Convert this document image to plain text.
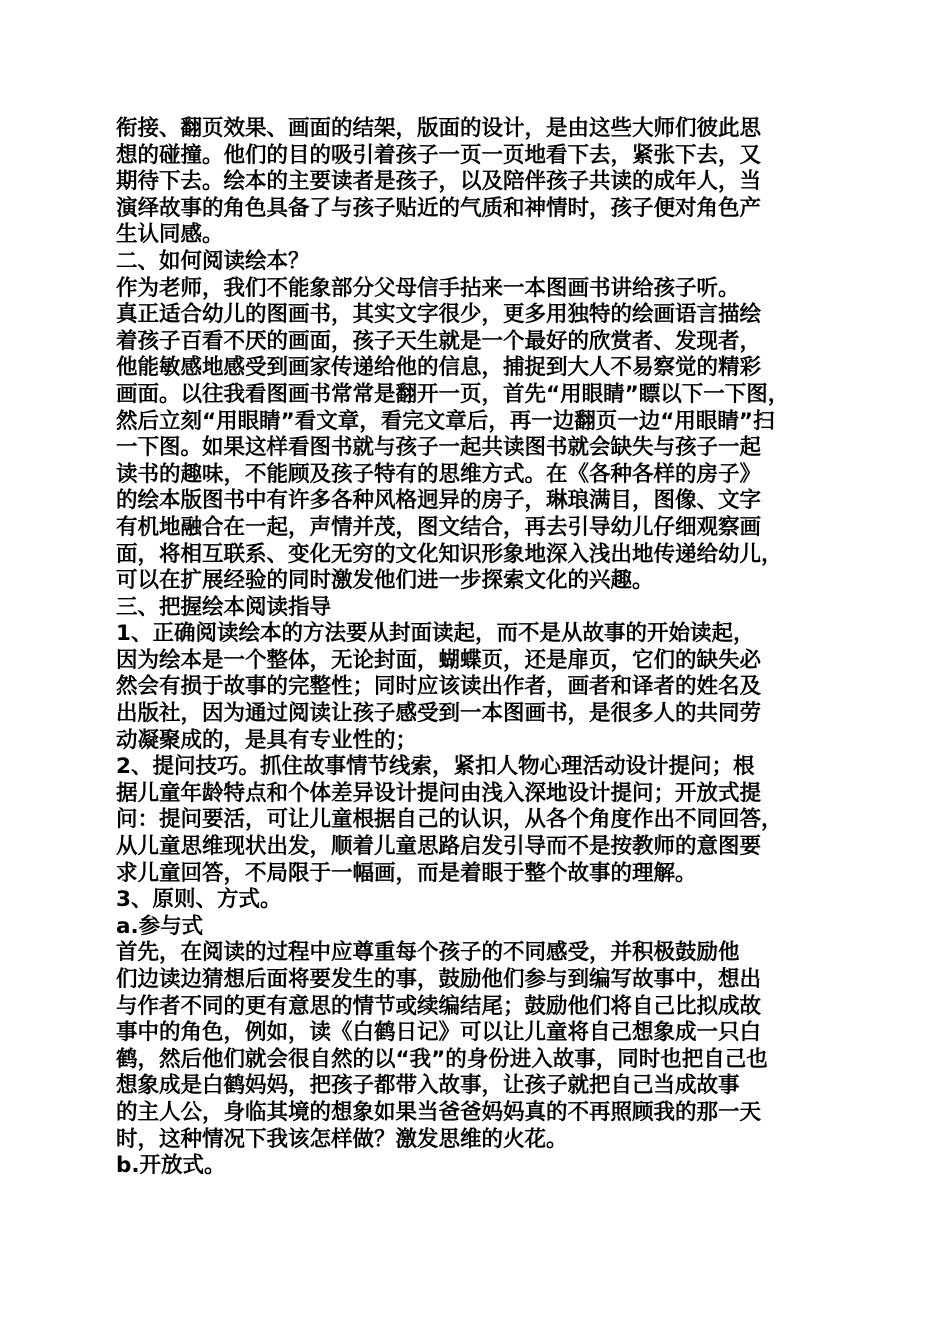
衔接、翻页效果、画面的结架，版面的设计，是由这些大师们彼此思
想的碰撞。他们的目的吸引着孩子一页一页地看下去，紧张下去，又
期待下去。绘本的主要读者是孩子，以及陪伴孩子共读的成年人，当
演绎故事的角色具备了与孩子贴近的气质和神情时，孩子便对角色产
生认同感。
二、如何阅读绘本？
作为老师，我们不能象部分父母信手拈来一本图画书讲给孩子听。
真正适合幼儿的图画书，其实文字很少，更多用独特的绘画语言描绘
着孩子百看不厌的画面，孩子天生就是一个最好的欣赏者、发现者，
他能敏感地感受到画家传递给他的信息，捕捉到大人不易察觉的精彩
画面。以往我看图画书常常是翻开一页，首先“用眼睛”瞟以下一下图，
然后立刻“用眼睛”看文章，看完文章后，再一边翻页一边“用眼睛”扫
一下图。如果这样看图书就与孩子一起共读图书就会缺失与孩子一起
读书的趣味，不能顾及孩子特有的思维方式。在《各种各样的房子》
的绘本版图书中有许多各种风格迥异的房子，琳琅满目，图像、文字
有机地融合在一起，声情并茂，图文结合，再去引导幼儿仔细观察画
面，将相互联系、变化无穷的文化知识形象地深入浅出地传递给幼儿，
可以在扩展经验的同时激发他们进一步探索文化的兴趣。
三、把握绘本阅读指导
1、正确阅读绘本的方法要从封面读起，而不是从故事的开始读起，
因为绘本是一个整体，无论封面，蝴蝶页，还是扉页，它们的缺失必
然会有损于故事的完整性；同时应该读出作者，画者和译者的姓名及
出版社，因为通过阅读让孩子感受到一本图画书，是很多人的共同劳
动凝聚成的，是具有专业性的；
2、提问技巧。抓住故事情节线索，紧扣人物心理活动设计提问；根
据儿童年龄特点和个体差异设计提问由浅入深地设计提问；开放式提
问：提问要活，可让儿童根据自己的认识，从各个角度作出不同回答，
从儿童思维现状出发，顺着儿童思路启发引导而不是按教师的意图要
求儿童回答，不局限于一幅画，而是着眼于整个故事的理解。
3、原则、方式。
a.参与式
首先，在阅读的过程中应尊重每个孩子的不同感受，并积极鼓励他
们边读边猜想后面将要发生的事，鼓励他们参与到编写故事中，想出
与作者不同的更有意思的情节或续编结尾；鼓励他们将自己比拟成故
事中的角色，例如，读《白鹤日记》可以让儿童将自己想象成一只白
鹤，然后他们就会很自然的以“我”的身份进入故事，同时也把自己也
想象成是白鹤妈妈，把孩子都带入故事，让孩子就把自己当成故事
的主人公，身临其境的想象如果当爸爸妈妈真的不再照顾我的那一天
时，这种情况下我该怎样做？激发思维的火花。
b.开放式。
